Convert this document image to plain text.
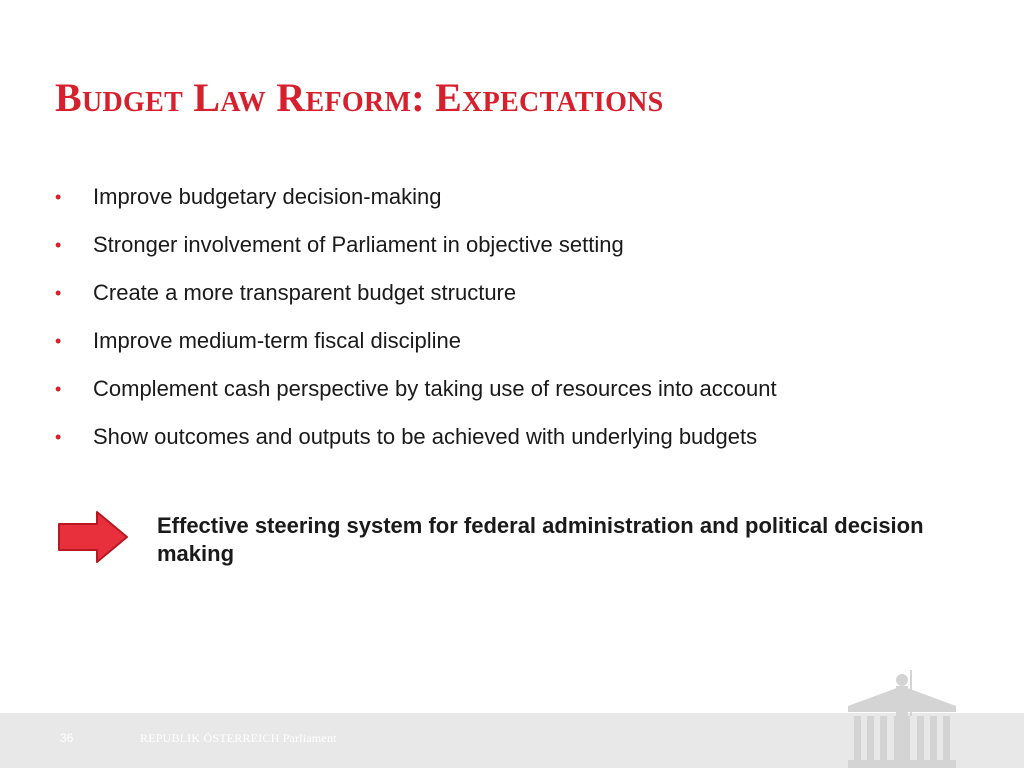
Budget Law Reform: Expectations
• Improve budgetary decision-making
• Stronger involvement of Parliament in objective setting
• Create a more transparent budget structure
• Improve medium-term fiscal discipline
• Complement cash perspective by taking use of resources into account
• Show outcomes and outputs to be achieved with underlying budgets

Effective steering system for federal administration and political decision making

36	REPUBLIK ÖSTERREICH Parliament
